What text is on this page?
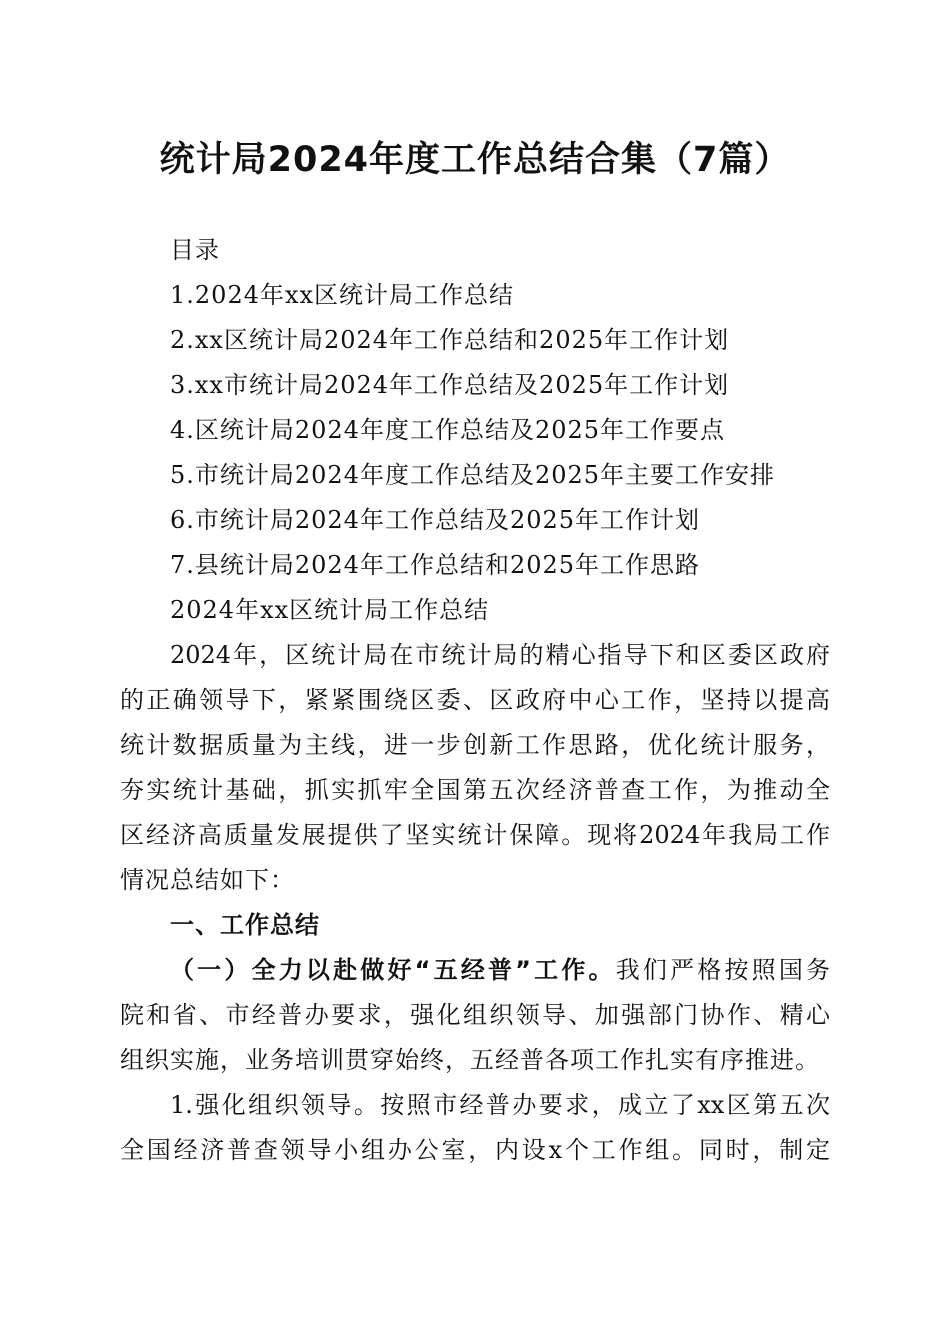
统计局2024年度工作总结合集（7篇）
目录
1.2024年xx区统计局工作总结
2.xx区统计局2024年工作总结和2025年工作计划
3.xx市统计局2024年工作总结及2025年工作计划
4.区统计局2024年度工作总结及2025年工作要点
5.市统计局2024年度工作总结及2025年主要工作安排
6.市统计局2024年工作总结及2025年工作计划
7.县统计局2024年工作总结和2025年工作思路
2024年xx区统计局工作总结
2024年，区统计局在市统计局的精心指导下和区委区政府
的正确领导下，紧紧围绕区委、区政府中心工作，坚持以提高
统计数据质量为主线，进一步创新工作思路，优化统计服务，
夯实统计基础，抓实抓牢全国第五次经济普查工作，为推动全
区经济高质量发展提供了坚实统计保障。现将2024年我局工作
情况总结如下：
一、工作总结
（一）全力以赴做好“五经普”工作。我们严格按照国务
院和省、市经普办要求，强化组织领导、加强部门协作、精心
组织实施，业务培训贯穿始终，五经普各项工作扎实有序推进。
1.强化组织领导。按照市经普办要求，成立了xx区第五次
全国经济普查领导小组办公室，内设x个工作组。同时，制定
